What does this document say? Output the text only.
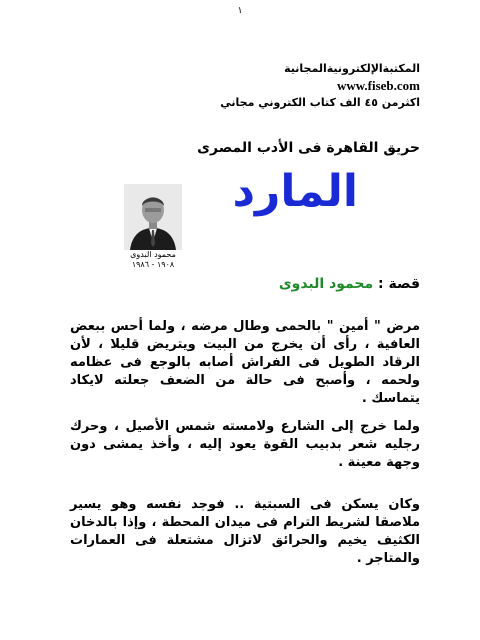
١
المكتبةالإلكترونيةالمجانية
www.fiseb.com
اكثرمن ٤٥ الف كتاب الكتروني مجاني
حريق القاهرة فى الأدب المصرى
المارد
محمود البدوى
١٩٠٨ - ١٩٨٦
قصة : محمود البدوى
مرض " أمين " بالحمى وطال مرضه ، ولما أحس ببعض العافية ، رأى أن يخرج من البيت ويتريض قليلا ، لأن الرقاد الطويل فى الفراش أصابه بالوجع فى عظامه ولحمه ، وأصبح فى حالة من الضعف جعلته لايكاد يتماسك .
ولما خرج إلى الشارع ولامسته شمس الأصيل ، وحرك رجليه شعر بدبيب القوة يعود إليه ، وأخذ يمشى دون وجهة معينة .
وكان يسكن فى السبتية .. فوجد نفسه وهو يسير ملاصقا لشريط الترام فى ميدان المحطة ، وإذا بالدخان الكثيف يخيم والحرائق لاتزال مشتعلة فى العمارات والمتاجر .
